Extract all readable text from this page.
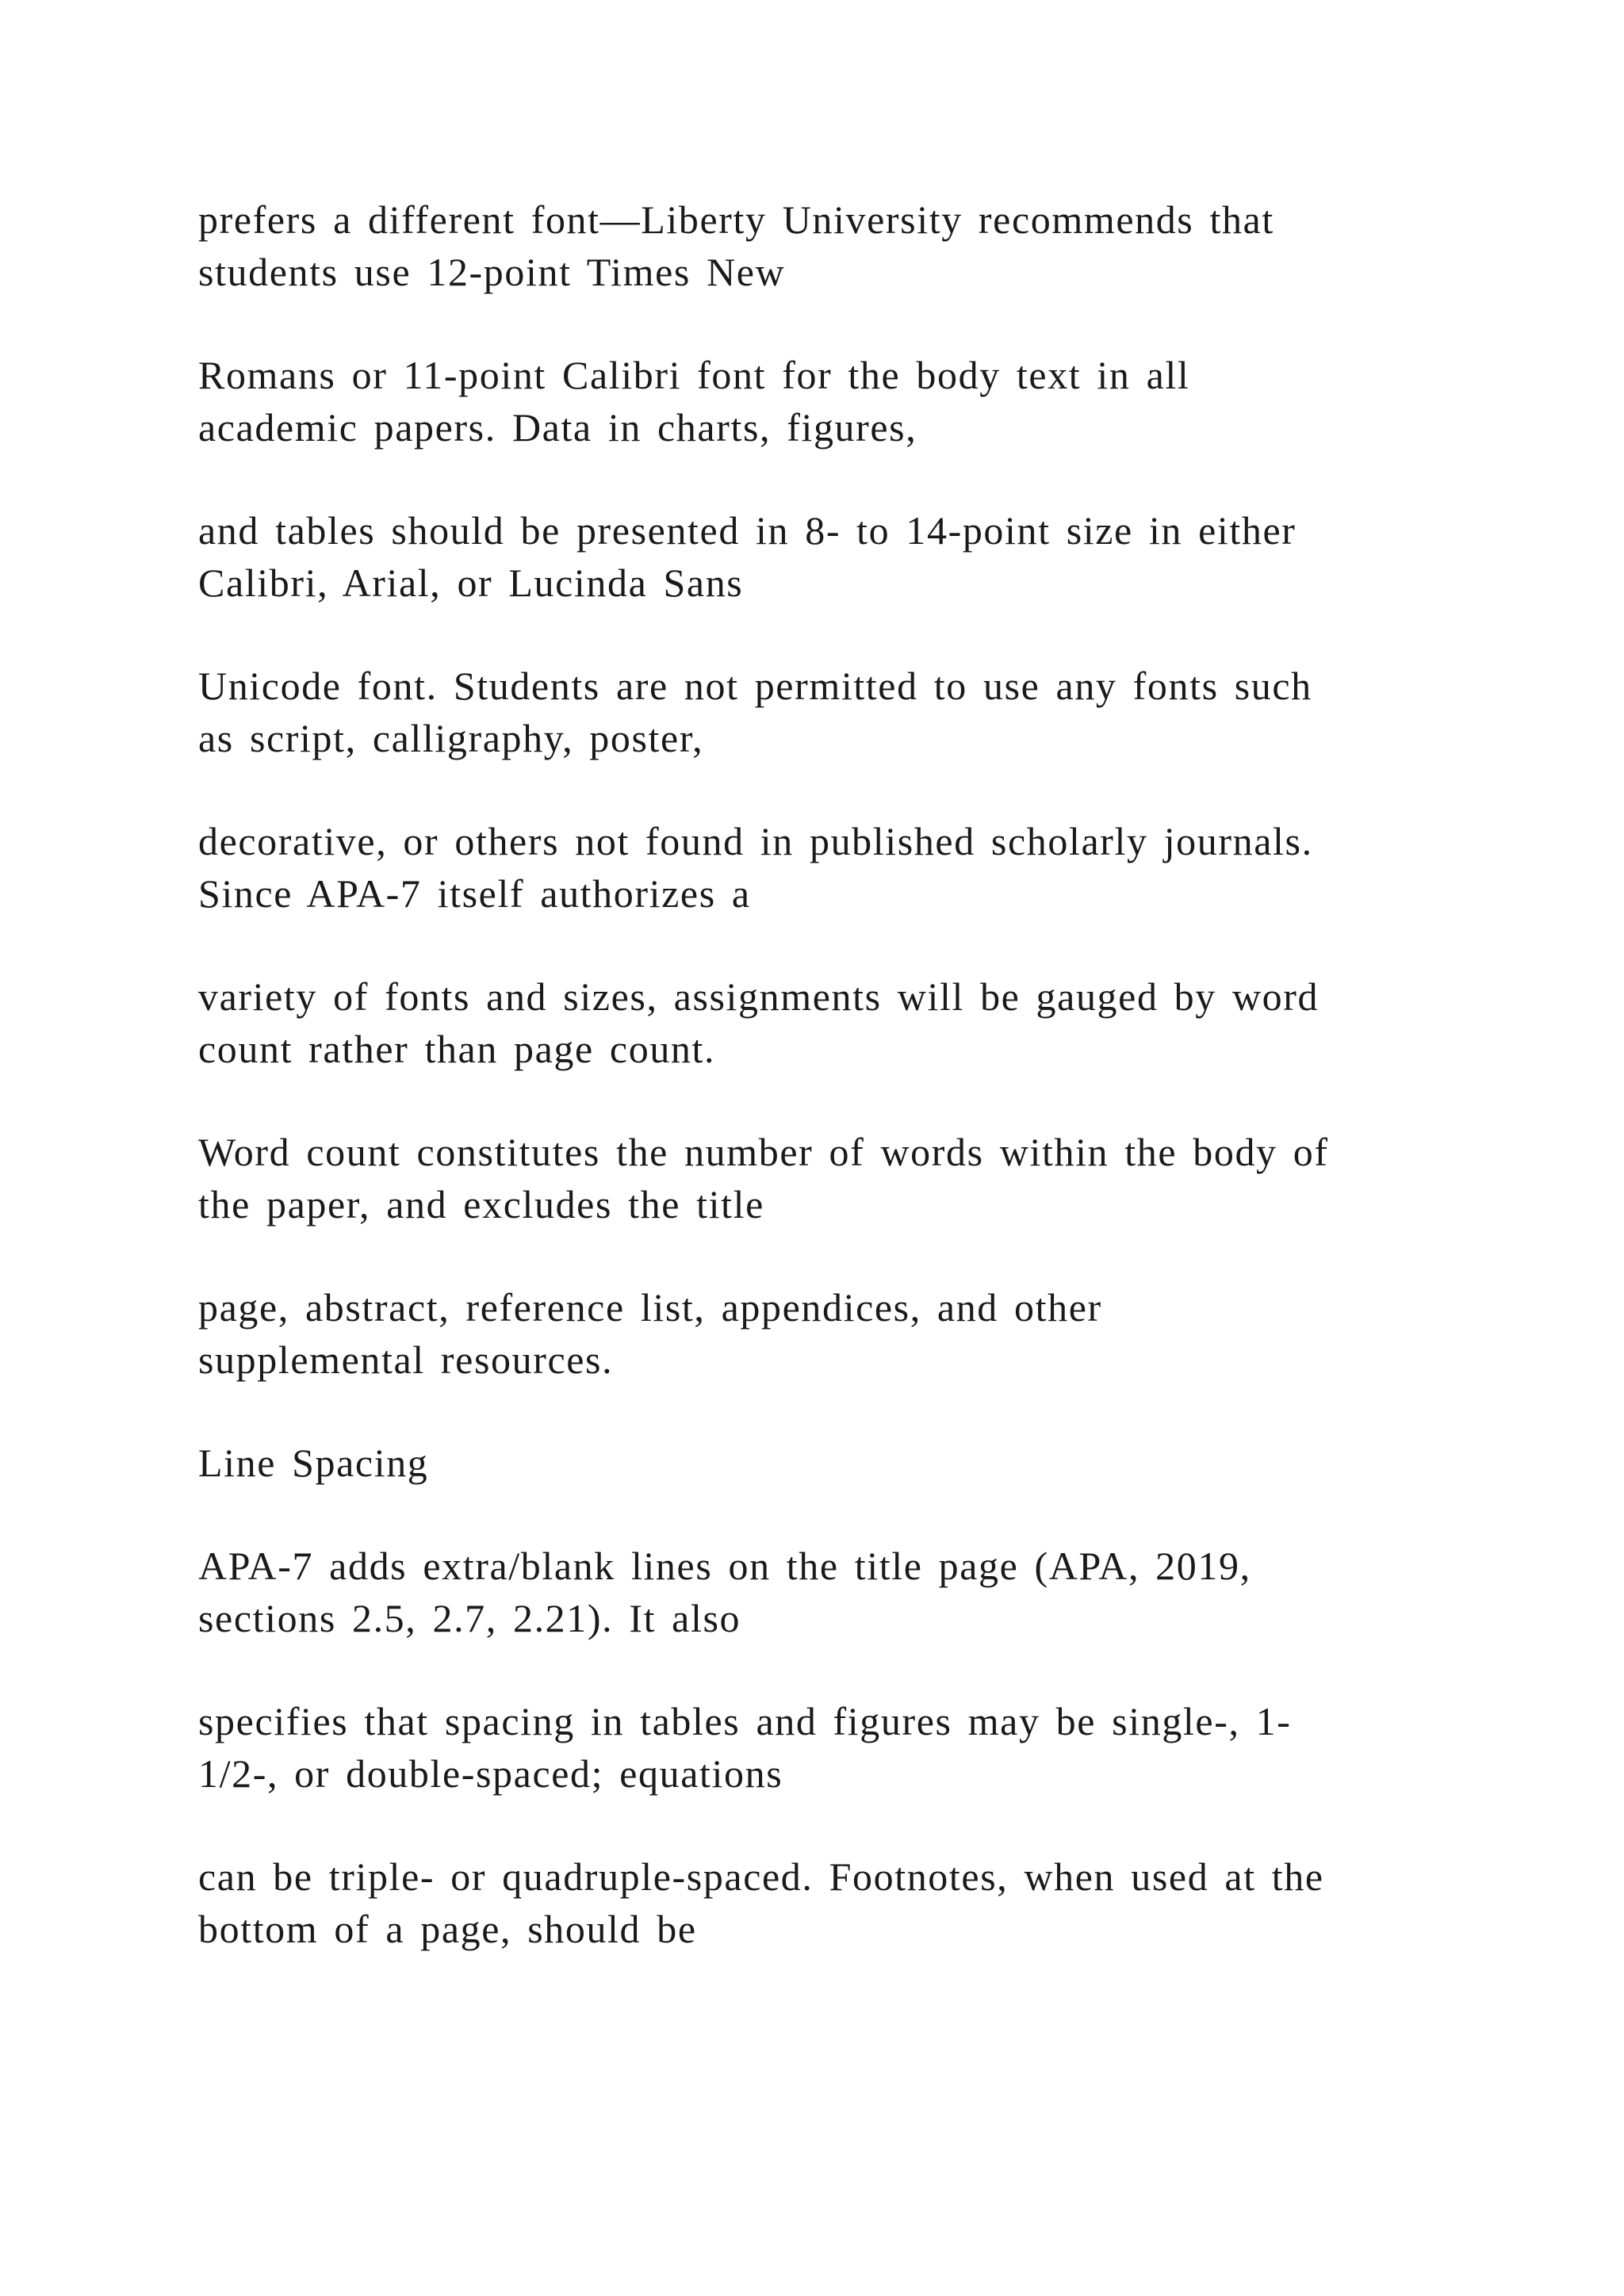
prefers a different font—Liberty University recommends that
students use 12-point Times New

Romans or 11-point Calibri font for the body text in all
academic papers. Data in charts, figures,

and tables should be presented in 8- to 14-point size in either
Calibri, Arial, or Lucinda Sans

Unicode font. Students are not permitted to use any fonts such
as script, calligraphy, poster,

decorative, or others not found in published scholarly journals.
Since APA-7 itself authorizes a

variety of fonts and sizes, assignments will be gauged by word
count rather than page count.

Word count constitutes the number of words within the body of
the paper, and excludes the title

page, abstract, reference list, appendices, and other
supplemental resources.

Line Spacing

APA-7 adds extra/blank lines on the title page (APA, 2019,
sections 2.5, 2.7, 2.21). It also

specifies that spacing in tables and figures may be single-, 1-
1/2-, or double-spaced; equations

can be triple- or quadruple-spaced. Footnotes, when used at the
bottom of a page, should be
